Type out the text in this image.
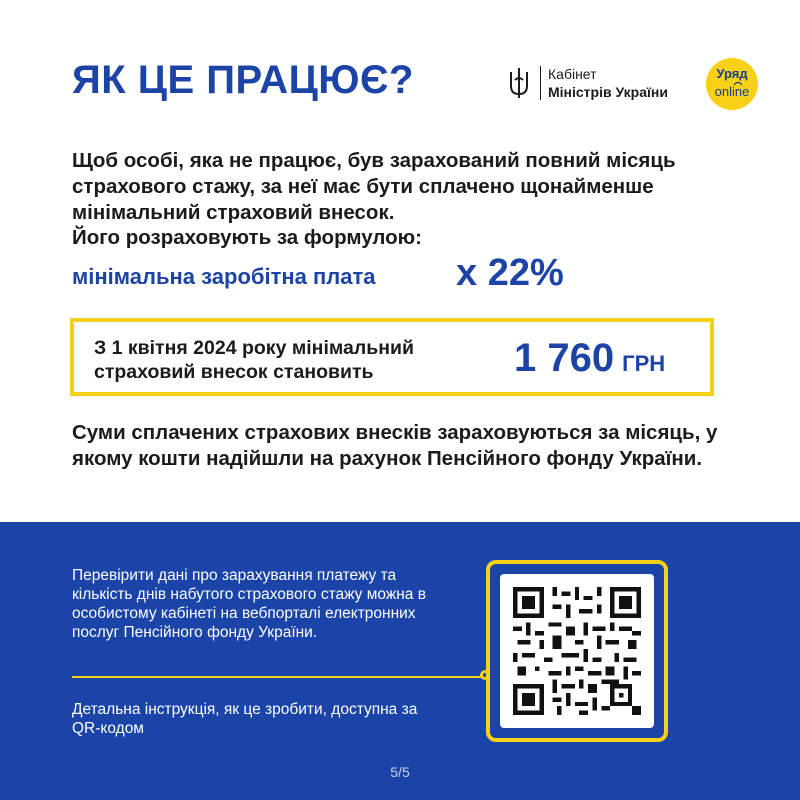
ЯК ЦЕ ПРАЦЮЄ?	Кабінет
Міністрів України
Уряд
online
Щоб особі, яка не працює, був зарахований повний місяць страхового стажу, за неї має бути сплачено щонайменше мінімальний страховий внесок.
Його розраховують за формулою:
мінімальна заробітна плата х 22%
З 1 квітня 2024 року мінімальний страховий внесок становить	1 760 ГРН
Суми сплачених страхових внесків зараховуються за місяць, у якому кошти надійшли на рахунок Пенсійного фонду України.
Перевірити дані про зарахування платежу та кількість днів набутого страхового стажу можна в особистому кабінеті на вебпорталі електронних послуг Пенсійного фонду України.
Детальна інструкція, як це зробити, доступна за QR-кодом
5/5
